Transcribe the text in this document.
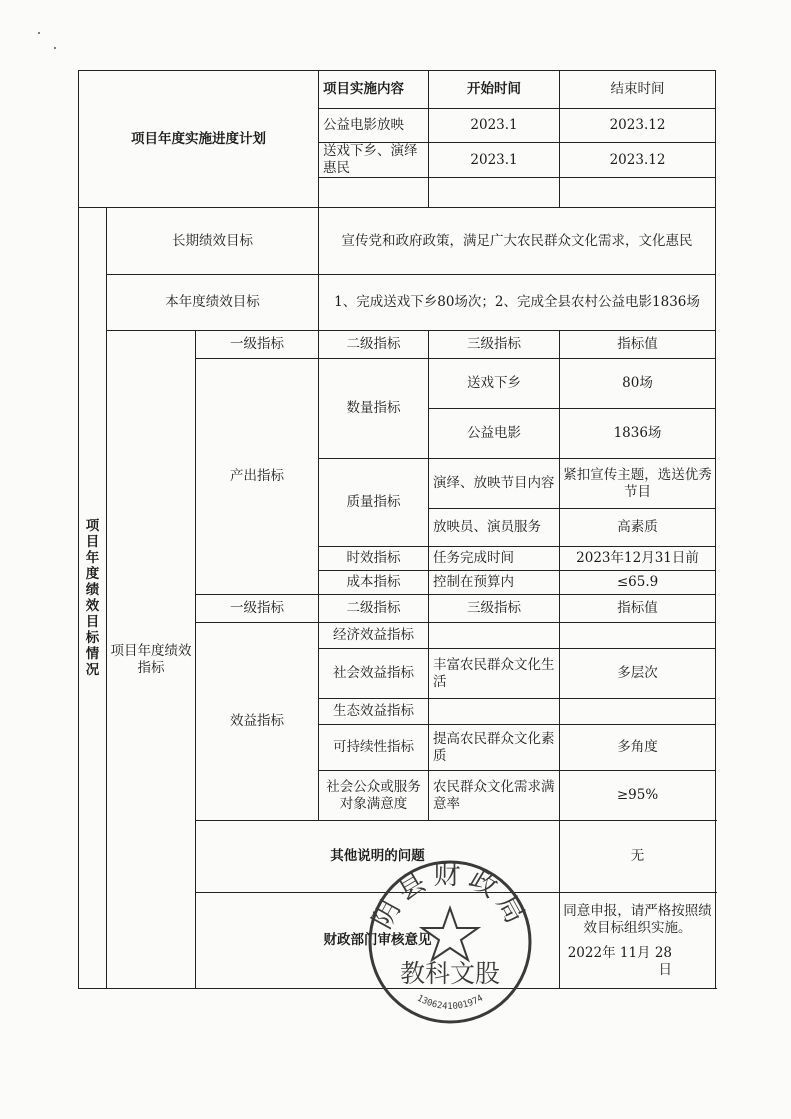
项目年度实施进度计划			项目实施内容	开始时间	结束时间
			公益电影放映	2023.1	2023.12
			送戏下乡、演绎惠民	2023.1	2023.12

项目年度绩效目标情况	长期绩效目标		宣传党和政府政策，满足广大农民群众文化需求，文化惠民		
	本年度绩效目标		1、完成送戏下乡80场次；2、完成全县农村公益电影1836场		
	项目年度绩效指标	一级指标	二级指标	三级指标	指标值
		产出指标	数量指标	送戏下乡	80场
				公益电影	1836场
			质量指标	演绎、放映节目内容	紧扣宣传主题，选送优秀节目
				放映员、演员服务	高素质
			时效指标	任务完成时间	2023年12月31日前
			成本指标	控制在预算内	≤65.9
		一级指标	二级指标	三级指标	指标值
		效益指标	经济效益指标		
			社会效益指标	丰富农民群众文化生活	多层次
			生态效益指标		
			可持续性指标	提高农民群众文化素质	多角度
			社会公众或服务对象满意度	农民群众文化需求满意率	≥95%
		其他说明的问题			无
		财政部门审核意见			同意申报，请严格按照绩效目标组织实施。
2022年 11月 28日
阴县财政局
教科文股
1306241001974
